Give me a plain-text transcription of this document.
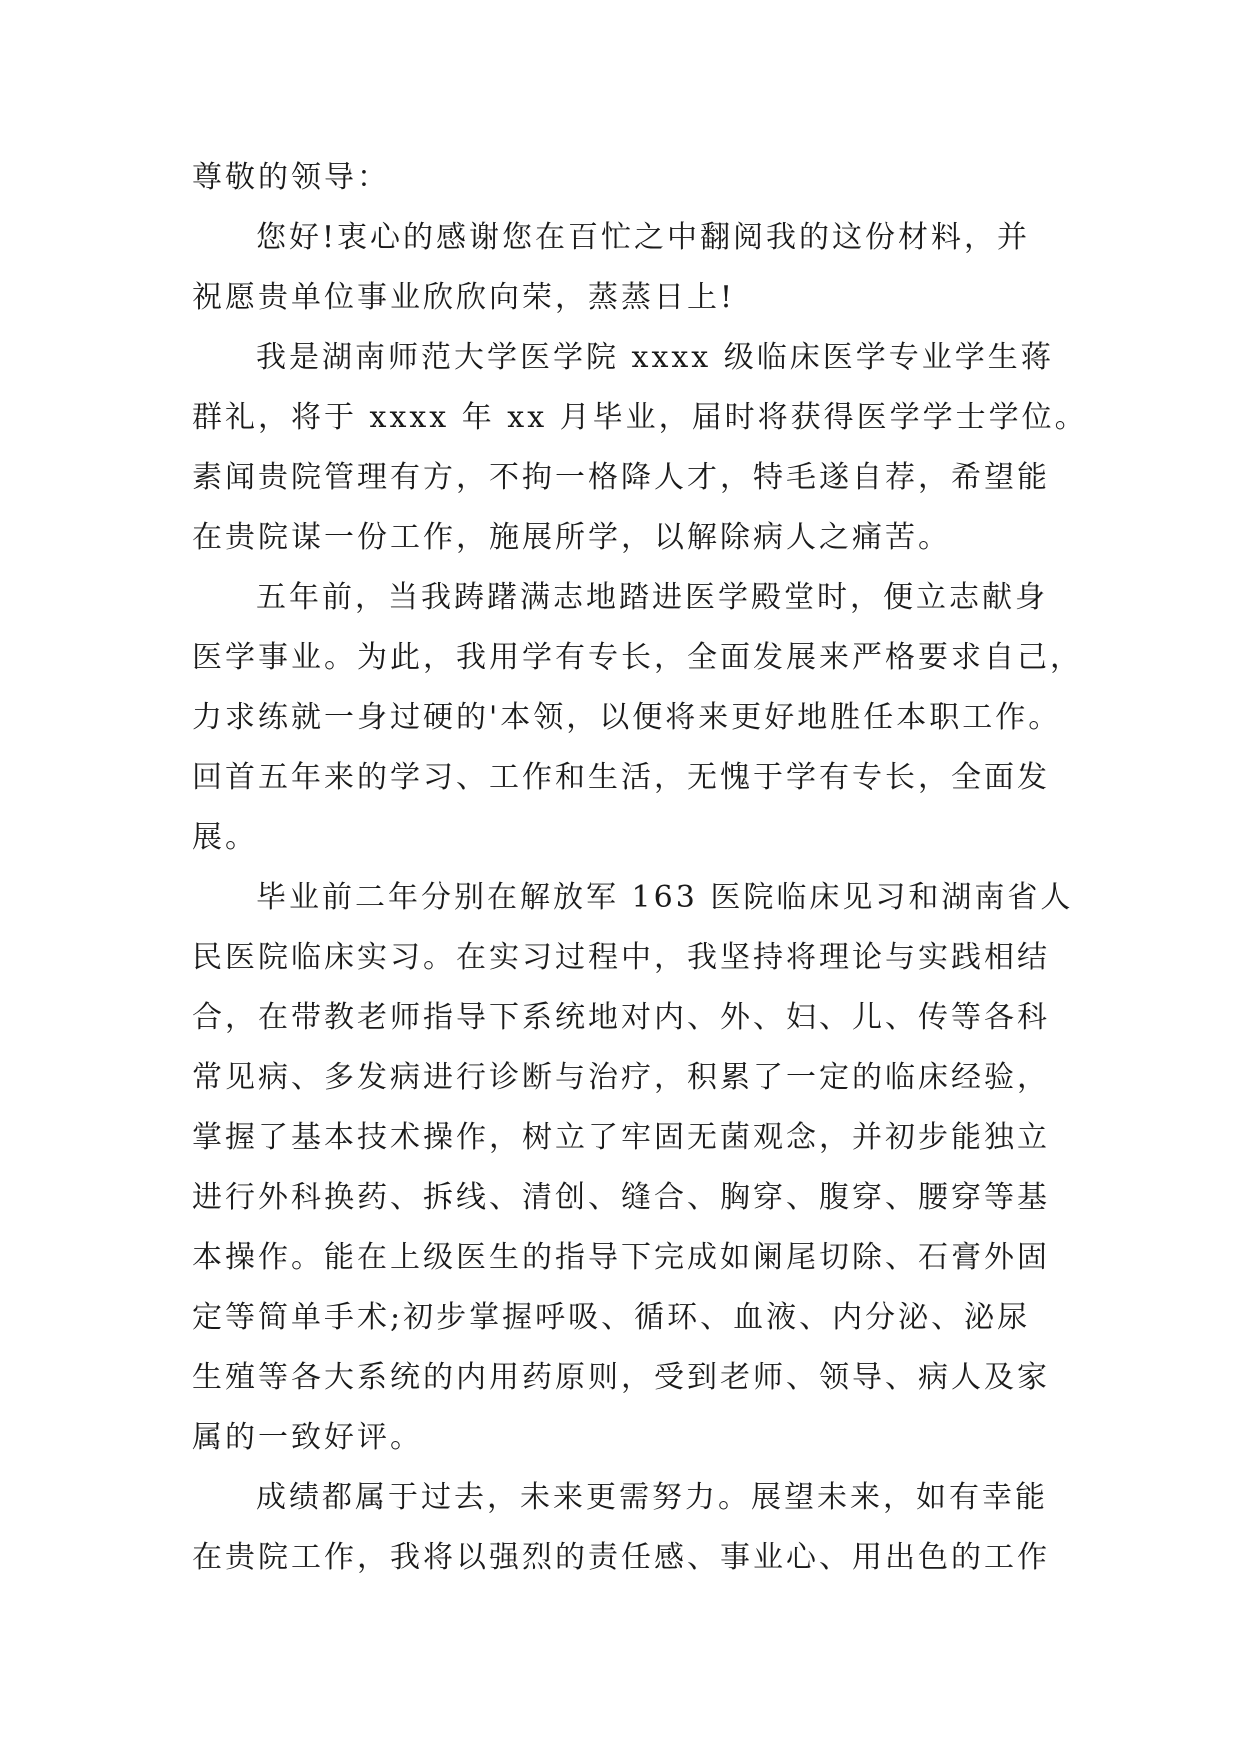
尊敬的领导：
您好!衷心的感谢您在百忙之中翻阅我的这份材料，并
祝愿贵单位事业欣欣向荣，蒸蒸日上!
我是湖南师范大学医学院 xxxx 级临床医学专业学生蒋
群礼，将于 xxxx 年 xx 月毕业，届时将获得医学学士学位。
素闻贵院管理有方，不拘一格降人才，特毛遂自荐，希望能
在贵院谋一份工作，施展所学，以解除病人之痛苦。
五年前，当我踌躇满志地踏进医学殿堂时，便立志献身
医学事业。为此，我用学有专长，全面发展来严格要求自己，
力求练就一身过硬的'本领，以便将来更好地胜任本职工作。
回首五年来的学习、工作和生活，无愧于学有专长，全面发
展。
毕业前二年分别在解放军 163 医院临床见习和湖南省人
民医院临床实习。在实习过程中，我坚持将理论与实践相结
合，在带教老师指导下系统地对内、外、妇、儿、传等各科
常见病、多发病进行诊断与治疗，积累了一定的临床经验，
掌握了基本技术操作，树立了牢固无菌观念，并初步能独立
进行外科换药、拆线、清创、缝合、胸穿、腹穿、腰穿等基
本操作。能在上级医生的指导下完成如阑尾切除、石膏外固
定等简单手术;初步掌握呼吸、循环、血液、内分泌、泌尿
生殖等各大系统的内用药原则，受到老师、领导、病人及家
属的一致好评。
成绩都属于过去，未来更需努力。展望未来，如有幸能
在贵院工作，我将以强烈的责任感、事业心、用出色的工作
